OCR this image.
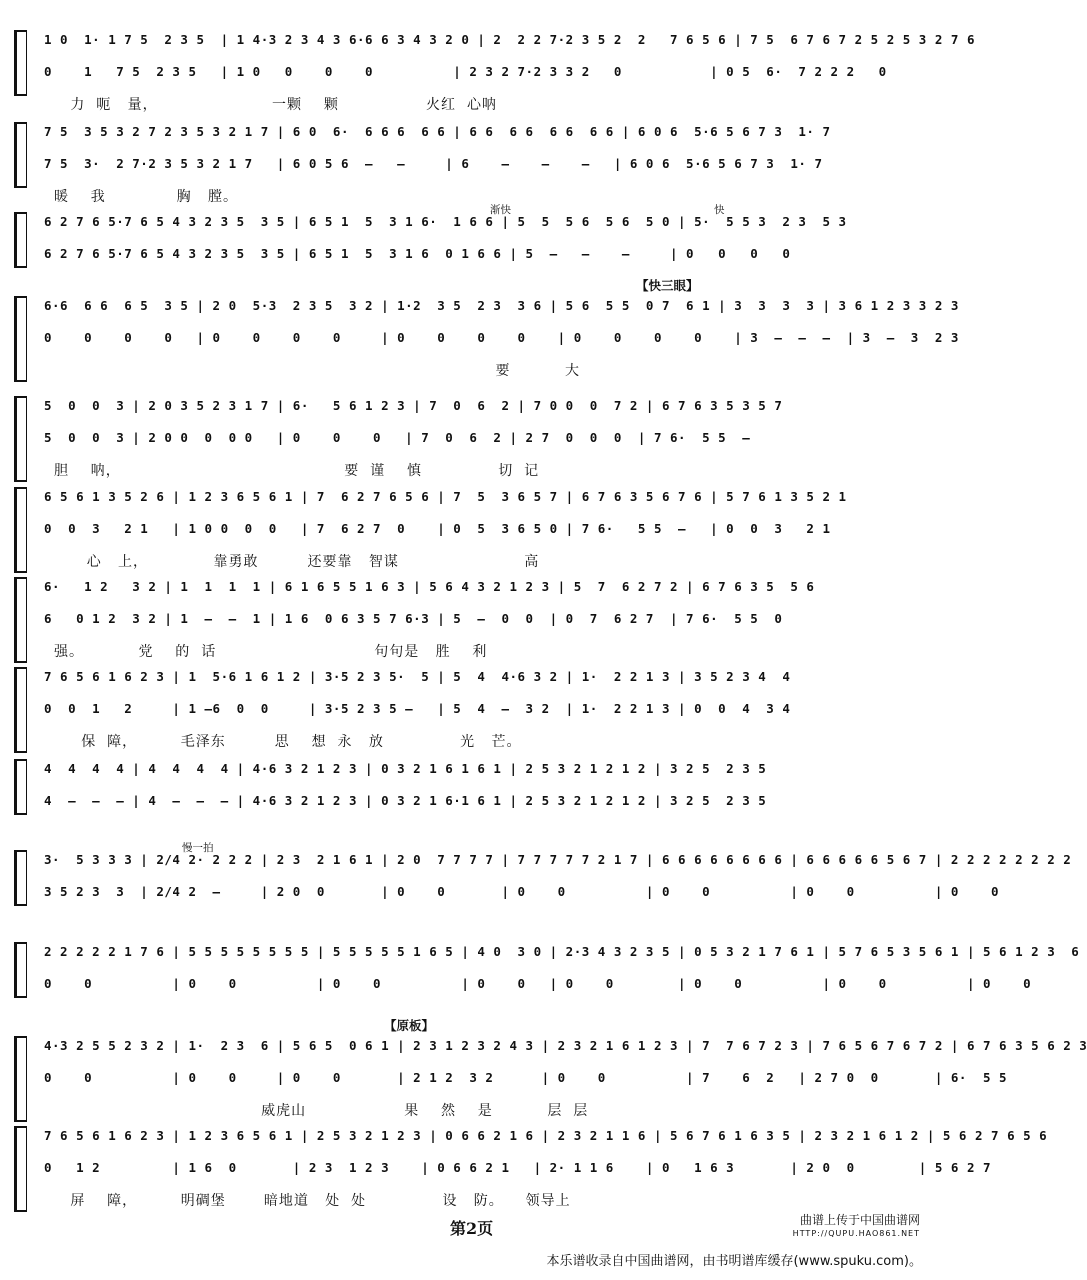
1 0  1· 1 7 5  2 3 5  | 1 4·3 2 3 4 3 6·6 6 3 4 3 2 0 | 2  2 2 7·2 3 5 2  2   7 6 5 6 | 7 5  6 7 6 7 2 5 2 5 3 2 7 6
0    1   7 5  2 3 5   | 1 0   0    0    0          | 2 3 2 7·2 3 3 2   0           | 0 5  6·  7 2 2 2   0
力  呃   量，                     一颗    颗                火红  心呐
7 5  3 5 3 2 7 2 3 5 3 2 1 7 | 6 0  6·  6 6 6  6 6 | 6 6  6 6  6 6  6 6 | 6 0 6  5·6 5 6 7 3  1· 7
7 5  3·  2 7·2 3 5 3 2 1 7   | 6 0 5 6  —   —     | 6    —    —    —   | 6 0 6  5·6 5 6 7 3  1· 7
暖    我             胸   膛。
6 2 7 6 5·7 6 5 4 3 2 3 5  3 5 | 6 5 1  5  3 1 6·  1 6 6 | 5  5  5 6  5 6  5 0 | 5·  5 5 3  2 3  5 3
6 2 7 6 5·7 6 5 4 3 2 3 5  3 5 | 6 5 1  5  3 1 6  0 1 6 6 | 5  —   —    —     | 0   0   0   0
渐快	快
6·6  6 6  6 5  3 5 | 2 0  5·3  2 3 5  3 2 | 1·2  3 5  2 3  3 6 | 5 6  5 5  0 7  6 1 | 3  3  3  3 | 3 6 1 2 3 3 2 3
0    0    0    0   | 0    0    0    0     | 0    0    0    0    | 0    0    0    0    | 3  —  —  —  | 3  —  3  2 3
要          大
【快三眼】
5  0  0  3 | 2 0 3 5 2 3 1 7 | 6·   5 6 1 2 3 | 7  0  6  2 | 7 0 0  0  7 2 | 6 7 6 3 5 3 5 7
5  0  0  3 | 2 0 0  0  0 0   | 0    0    0   | 7  0  6  2 | 2 7  0  0  0  | 7 6·  5 5  —
胆    呐，                                         要  谨    慎              切  记
6 5 6 1 3 5 2 6 | 1 2 3 6 5 6 1 | 7  6 2 7 6 5 6 | 7  5  3 6 5 7 | 6 7 6 3 5 6 7 6 | 5 7 6 1 3 5 2 1
0  0  3   2 1   | 1 0 0  0  0   | 7  6 2 7  0    | 0  5  3 6 5 0 | 7 6·   5 5  —   | 0  0  3   2 1
心   上，            靠勇敢         还要靠   智谋                       高
6·   1 2   3 2 | 1  1  1  1 | 6 1 6 5 5 1 6 3 | 5 6 4 3 2 1 2 3 | 5  7  6 2 7 2 | 6 7 6 3 5  5 6
6   0 1 2  3 2 | 1  —  —  1 | 1 6  0 6 3 5 7 6·3 | 5  —  0  0  | 0  7  6 2 7  | 7 6·  5 5  0
强。          党    的  话                             句句是   胜    利
7 6 5 6 1 6 2 3 | 1  5·6 1 6 1 2 | 3·5 2 3 5·  5 | 5  4  4·6 3 2 | 1·  2 2 1 3 | 3 5 2 3 4  4
0  0  1   2     | 1 —6  0  0     | 3·5 2 3 5 —   | 5  4  —  3 2  | 1·  2 2 1 3 | 0  0  4  3 4
保  障，        毛泽东         思    想  永   放              光   芒。
4  4  4  4 | 4  4  4  4 | 4·6 3 2 1 2 3 | 0 3 2 1 6 1 6 1 | 2 5 3 2 1 2 1 2 | 3 2 5  2 3 5
4  —  —  — | 4  —  —  — | 4·6 3 2 1 2 3 | 0 3 2 1 6·1 6 1 | 2 5 3 2 1 2 1 2 | 3 2 5  2 3 5
3·  5 3 3 3 | 2/4 2· 2 2 2 | 2 3  2 1 6 1 | 2 0  7 7 7 7 | 7 7 7 7 7 2 1 7 | 6 6 6 6 6 6 6 6 | 6 6 6 6 6 5 6 7 | 2 2 2 2 2 2 2 2
3 5 2 3  3  | 2/4 2  —     | 2 0  0       | 0    0       | 0    0          | 0    0          | 0    0          | 0    0
慢一拍
2 2 2 2 2 1 7 6 | 5 5 5 5 5 5 5 5 | 5 5 5 5 5 1 6 5 | 4 0  3 0 | 2·3 4 3 2 3 5 | 0 5 3 2 1 7 6 1 | 5 7 6 5 3 5 6 1 | 5 6 1 2 3  6
0    0          | 0    0          | 0    0          | 0    0   | 0    0        | 0    0          | 0    0          | 0    0
4·3 2 5 5 2 3 2 | 1·  2 3  6 | 5 6 5  0 6 1 | 2 3 1 2 3 2 4 3 | 2 3 2 1 6 1 2 3 | 7  7 6 7 2 3 | 7 6 5 6 7 6 7 2 | 6 7 6 3 5 6 2 3
0    0          | 0    0     | 0    0       | 2 1 2  3 2      | 0    0          | 7    6  2   | 2 7 0  0       | 6·  5 5
威虎山                  果    然    是          层  层
【原板】
7 6 5 6 1 6 2 3 | 1 2 3 6 5 6 1 | 2 5 3 2 1 2 3 | 0 6 6 2 1 6 | 2 3 2 1 1 6 | 5 6 7 6 1 6 3 5 | 2 3 2 1 6 1 2 | 5 6 2 7 6 5 6
0   1 2         | 1 6  0       | 2 3  1 2 3    | 0 6 6 2 1   | 2· 1 1 6    | 0   1 6 3       | 2 0  0        | 5 6 2 7
屏    障，        明碉堡       暗地道   处  处              设   防。    领导上
第2页	曲谱上传于中国曲谱网
HTTP://QUPU.HAO861.NET
本乐谱收录自中国曲谱网，由书明谱库缓存(www.spuku.com)。
